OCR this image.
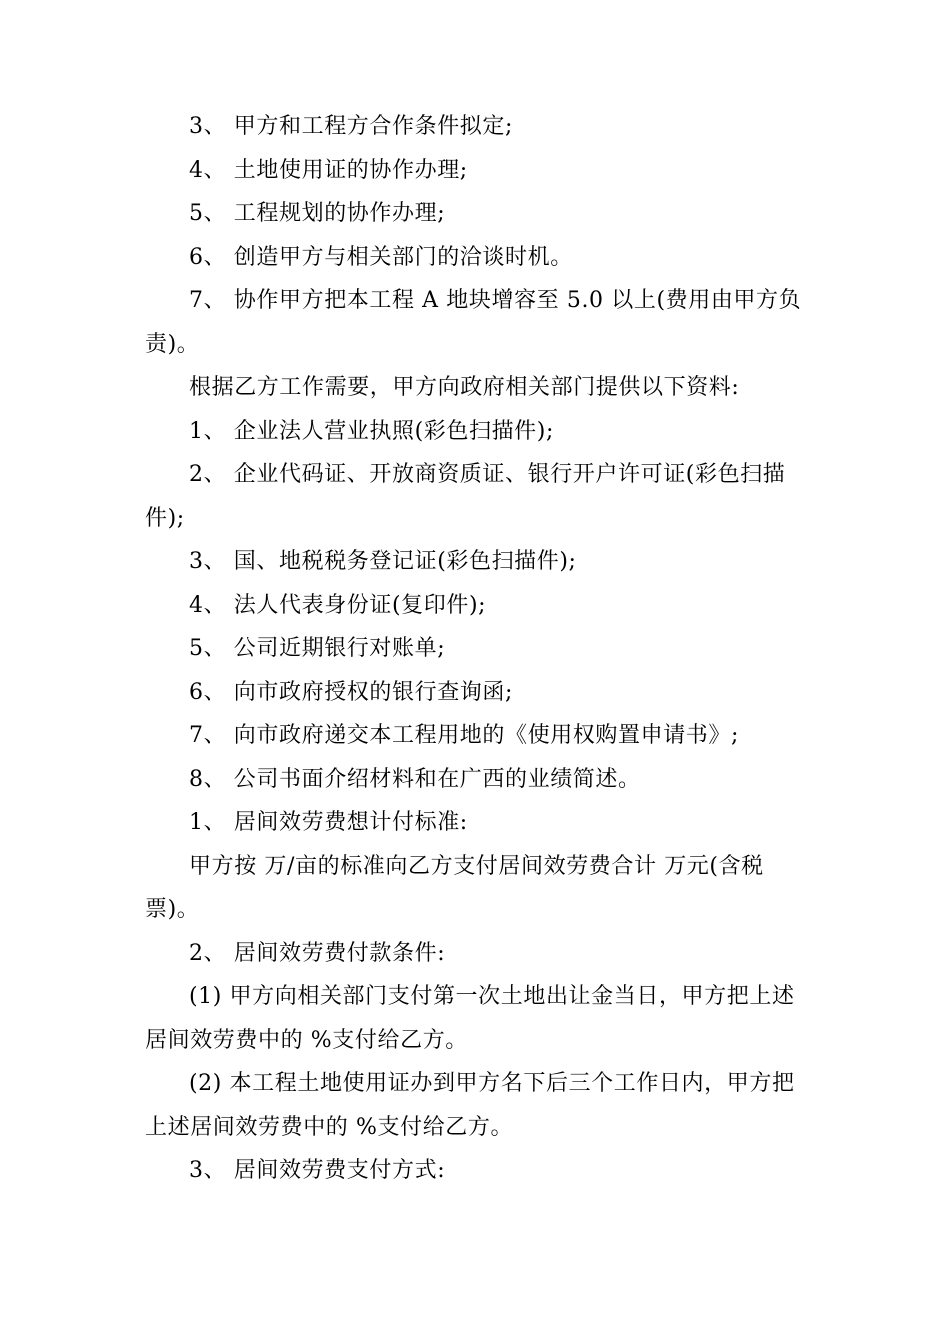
3、 甲方和工程方合作条件拟定;

4、 土地使用证的协作办理;

5、 工程规划的协作办理;

6、 创造甲方与相关部门的洽谈时机。

7、 协作甲方把本工程 A 地块增容至 5.0 以上(费用由甲方负责)。

根据乙方工作需要，甲方向政府相关部门提供以下资料:

1、 企业法人营业执照(彩色扫描件);

2、 企业代码证、开放商资质证、银行开户许可证(彩色扫描件);

3、 国、地税税务登记证(彩色扫描件);

4、 法人代表身份证(复印件);

5、 公司近期银行对账单;

6、 向市政府授权的银行查询函;

7、 向市政府递交本工程用地的《使用权购置申请书》;

8、 公司书面介绍材料和在广西的业绩简述。

1、 居间效劳费想计付标准:

甲方按 万/亩的标准向乙方支付居间效劳费合计 万元(含税票)。

2、 居间效劳费付款条件:

(1) 甲方向相关部门支付第一次土地出让金当日，甲方把上述居间效劳费中的 %支付给乙方。

(2) 本工程土地使用证办到甲方名下后三个工作日内，甲方把上述居间效劳费中的 %支付给乙方。

3、 居间效劳费支付方式:
